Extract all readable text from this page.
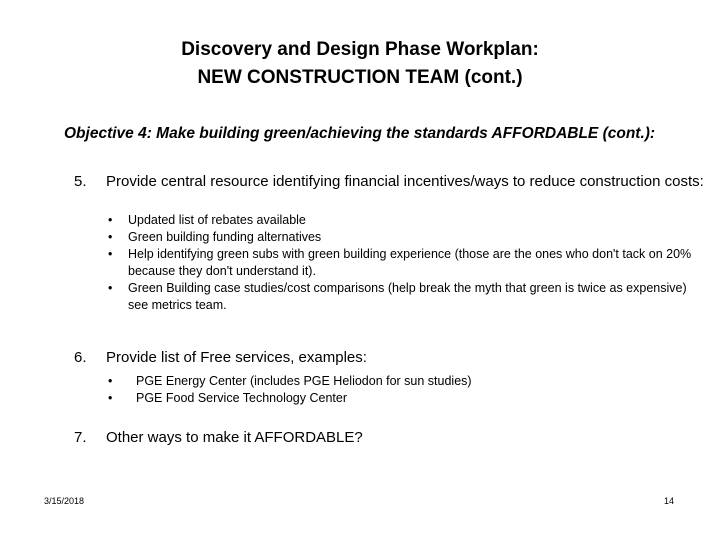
Discovery and Design Phase Workplan:
NEW CONSTRUCTION TEAM (cont.)
Objective 4: Make building green/achieving the standards AFFORDABLE (cont.):
5. Provide central resource identifying financial incentives/ways to reduce construction costs:
•	Updated list of rebates available
•	Green building funding alternatives
•	Help identifying green subs with green building experience (those are the ones who don't tack on 20% because they don't understand it).
•	Green Building case studies/cost comparisons (help break the myth that green is twice as expensive) see metrics team.
6. Provide list of Free services, examples:
•	PGE Energy Center (includes PGE Heliodon for sun studies)
•	PGE Food Service Technology Center
7. Other ways to make it AFFORDABLE?
3/15/2018	14
